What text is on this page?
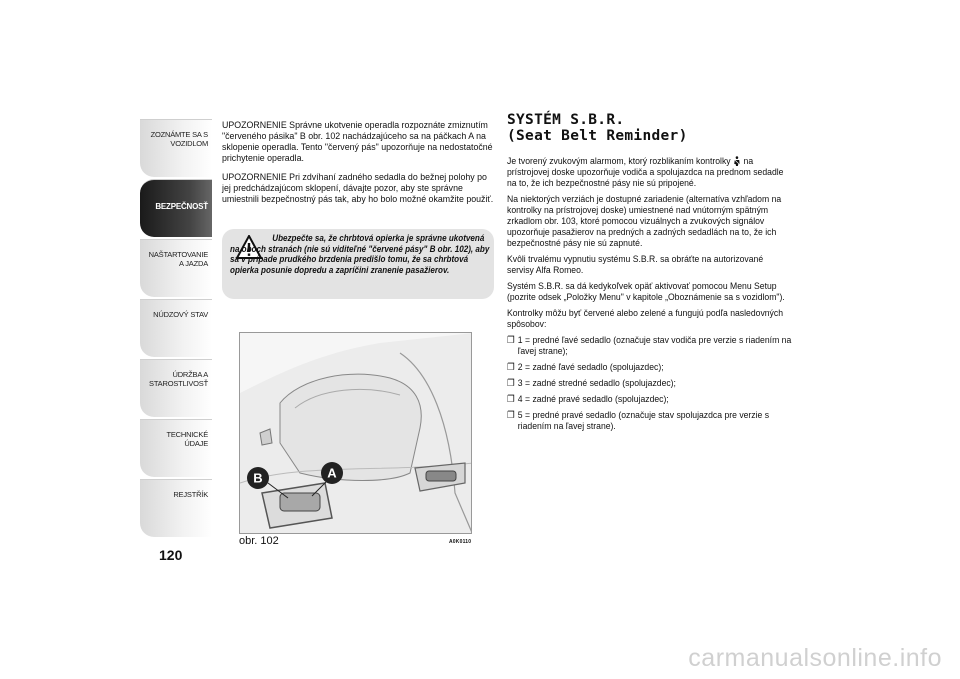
ZOZNÁMTE SA S VOZIDLOM
BEZPEČNOSŤ
NAŠTARTOVANIE A JAZDA
NÚDZOVÝ STAV
ÚDRŽBA A STAROSTLIVOSŤ
TECHNICKÉ ÚDAJE
REJSTŘÍK
120

UPOZORNENIE Správne ukotvenie operadla rozpoznáte zmiznutím "červeného pásika" B obr. 102 nachádzajúceho sa na páčkach A na sklopenie operadla. Tento "červený pás" upozorňuje na nedostatočné prichytenie operadla.

UPOZORNENIE Pri zdvíhaní zadného sedadla do bežnej polohy po jej predchádzajúcom sklopení, dávajte pozor, aby ste správne umiestnili bezpečnostný pás tak, aby ho bolo možné okamžite použiť.

Ubezpečte sa, že chrbtová opierka je správne ukotvená na oboch stranách (nie sú viditeľné "červené pásy" B obr. 102), aby sa v prípade prudkého brzdenia predišlo tomu, že sa chrbtová opierka posunie dopredu a zapríčini zranenie pasažierov.
B	A
obr. 102	A0K0110
SYSTÉM S.B.R.
(Seat Belt Reminder)

Je tvorený zvukovým alarmom, ktorý rozblikaním kontrolky na prístrojovej doske upozorňuje vodiča a spolujazdca na prednom sedadle na to, že ich bezpečnostné pásy nie sú pripojené.

Na niektorých verziách je dostupné zariadenie (alternatíva vzhľadom na kontrolky na prístrojovej doske) umiestnené nad vnútorným spätným zrkadlom obr. 103, ktoré pomocou vizuálnych a zvukových signálov upozorňuje pasažierov na predných a zadných sedadlách na to, že ich bezpečnostné pásy nie sú zapnuté.

Kvôli trvalému vypnutiu systému S.B.R. sa obráťte na autorizované servisy Alfa Romeo.

Systém S.B.R. sa dá kedykoľvek opäť aktivovať pomocou Menu Setup (pozrite odsek „Položky Menu" v kapitole „Oboznámenie sa s vozidlom").

Kontrolky môžu byť červené alebo zelené a fungujú podľa nasledovných spôsobov:

❐ 1 = predné ľavé sedadlo (označuje stav vodiča pre verzie s riadením na ľavej strane);
❐ 2 = zadné ľavé sedadlo (spolujazdec);
❐ 3 = zadné stredné sedadlo (spolujazdec);
❐ 4 = zadné pravé sedadlo (spolujazdec);
❐ 5 = predné pravé sedadlo (označuje stav spolujazdca pre verzie s riadením na ľavej strane).
carmanualsonline.info
